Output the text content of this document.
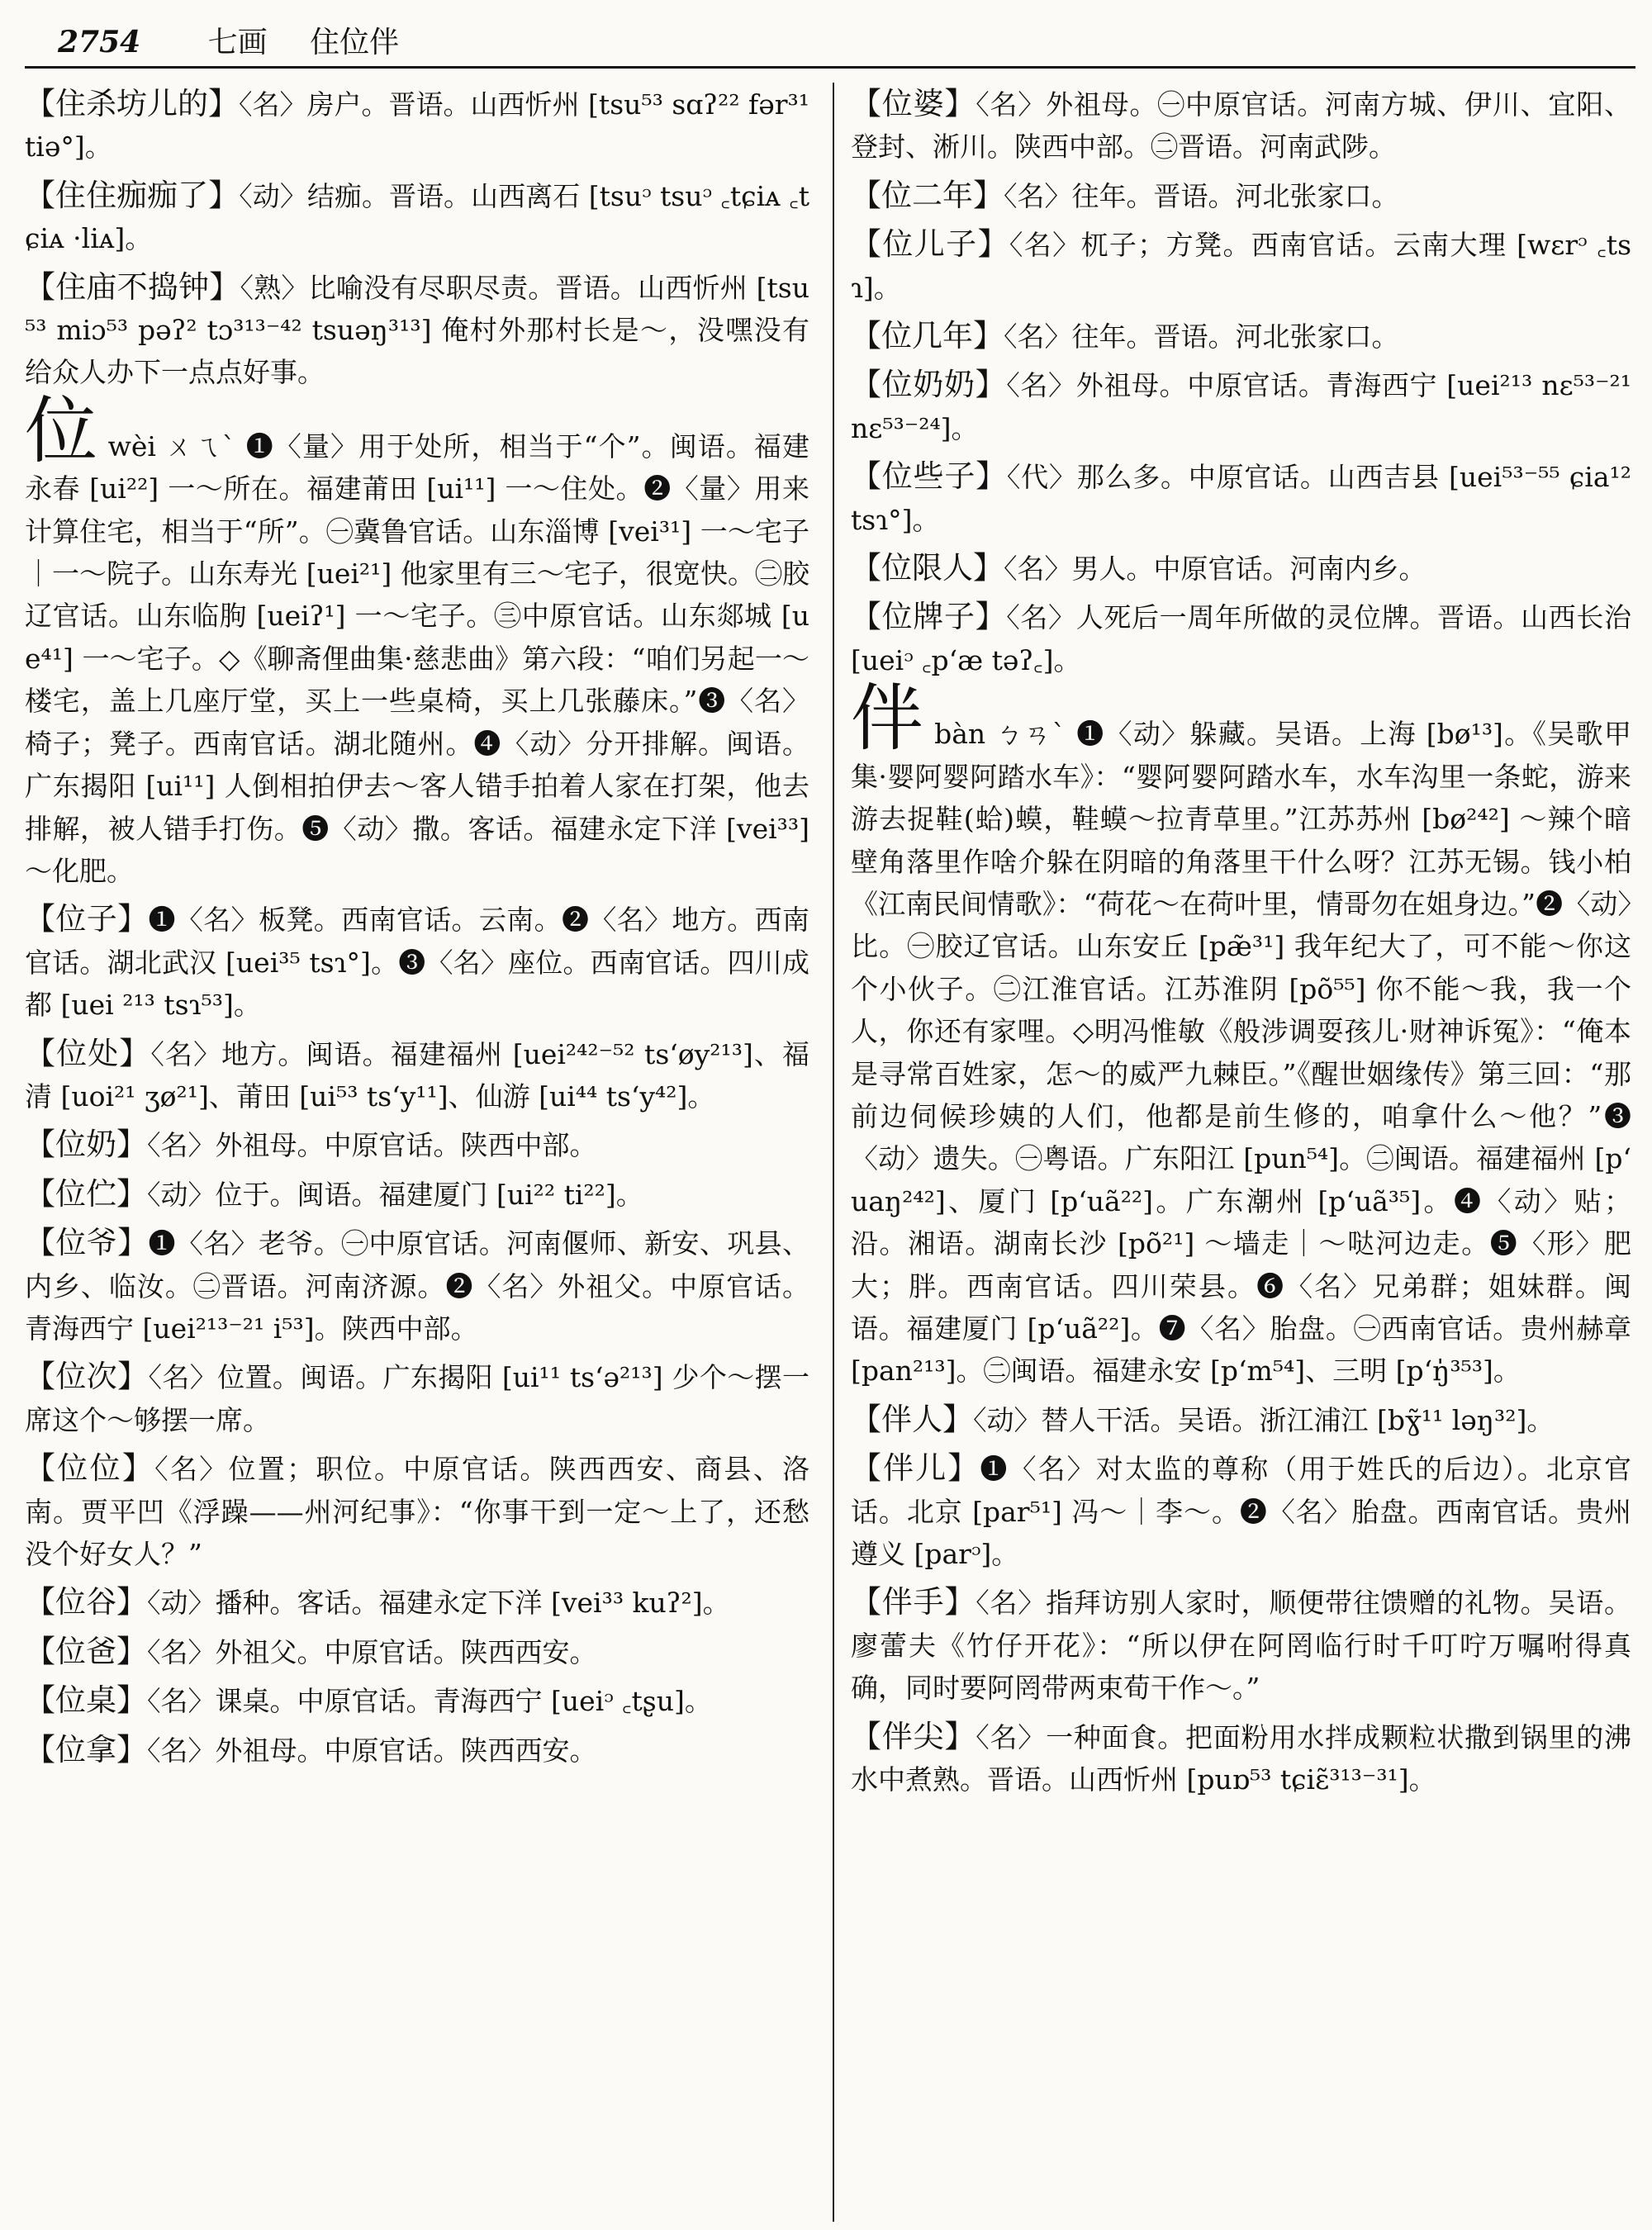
2754 七画 住位伴

【住杀坊儿的】〈名〉房户。晋语。山西忻州 [tsu⁵³ sɑʔ²² fər³¹ tiə°]。

【住住痂痂了】〈动〉结痂。晋语。山西离石 [tsuᵓ tsuᵓ ꜀tɕiᴀ ꜀tɕiᴀ ·liᴀ]。

【住庙不捣钟】〈熟〉比喻没有尽职尽责。晋语。山西忻州 [tsu⁵³ miɔ⁵³ pəʔ² tɔ³¹³⁻⁴² tsuəŋ³¹³] 俺村外那村长是～，没嘿没有给众人办下一点点好事。

位 wèi ㄨㄟˋ ❶〈量〉用于处所，相当于“个”。闽语。福建永春 [ui²²] 一～所在。福建莆田 [ui¹¹] 一～住处。❷〈量〉用来计算住宅，相当于“所”。㊀冀鲁官话。山东淄博 [vei³¹] 一～宅子｜一～院子。山东寿光 [uei²¹] 他家里有三～宅子，很宽快。㊁胶辽官话。山东临朐 [ueiʔ¹] 一～宅子。㊂中原官话。山东郯城 [ue⁴¹] 一～宅子。◇《聊斋俚曲集·慈悲曲》第六段：“咱们另起一～楼宅，盖上几座厅堂，买上一些桌椅，买上几张藤床。”❸〈名〉椅子；凳子。西南官话。湖北随州。❹〈动〉分开排解。闽语。广东揭阳 [ui¹¹] 人倒相拍伊去～客人错手拍着人家在打架，他去排解，被人错手打伤。❺〈动〉撒。客话。福建永定下洋 [vei³³] ～化肥。

【位子】❶〈名〉板凳。西南官话。云南。❷〈名〉地方。西南官话。湖北武汉 [uei³⁵ tsɿ°]。❸〈名〉座位。西南官话。四川成都 [uei ²¹³ tsɿ⁵³]。

【位处】〈名〉地方。闽语。福建福州 [uei²⁴²⁻⁵² tsʻøy²¹³]、福清 [uoi²¹ ʒø²¹]、莆田 [ui⁵³ tsʻy¹¹]、仙游 [ui⁴⁴ tsʻy⁴²]。

【位奶】〈名〉外祖母。中原官话。陕西中部。

【位伫】〈动〉位于。闽语。福建厦门 [ui²² ti²²]。

【位爷】❶〈名〉老爷。㊀中原官话。河南偃师、新安、巩县、内乡、临汝。㊁晋语。河南济源。❷〈名〉外祖父。中原官话。青海西宁 [uei²¹³⁻²¹ i⁵³]。陕西中部。

【位次】〈名〉位置。闽语。广东揭阳 [ui¹¹ tsʻə²¹³] 少个～摆一席这个～够摆一席。

【位位】〈名〉位置；职位。中原官话。陕西西安、商县、洛南。贾平凹《浮躁——州河纪事》：“你事干到一定～上了，还愁没个好女人？”

【位谷】〈动〉播种。客话。福建永定下洋 [vei³³ kuʔ²]。

【位爸】〈名〉外祖父。中原官话。陕西西安。

【位桌】〈名〉课桌。中原官话。青海西宁 [ueiᵓ ꜀tʂu]。

【位拿】〈名〉外祖母。中原官话。陕西西安。

【位婆】〈名〉外祖母。㊀中原官话。河南方城、伊川、宜阳、登封、淅川。陕西中部。㊁晋语。河南武陟。

【位二年】〈名〉往年。晋语。河北张家口。

【位儿子】〈名〉杌子；方凳。西南官话。云南大理 [wɛrᵓ ꜀tsɿ]。

【位几年】〈名〉往年。晋语。河北张家口。

【位奶奶】〈名〉外祖母。中原官话。青海西宁 [uei²¹³ nɛ⁵³⁻²¹ nɛ⁵³⁻²⁴]。

【位些子】〈代〉那么多。中原官话。山西吉县 [uei⁵³⁻⁵⁵ ɕia¹² tsɿ°]。

【位限人】〈名〉男人。中原官话。河南内乡。

【位牌子】〈名〉人死后一周年所做的灵位牌。晋语。山西长治 [ueiᵓ ꜀pʻæ təʔ꜀]。

伴 bàn ㄅㄢˋ ❶〈动〉躲藏。吴语。上海 [bø¹³]。《吴歌甲集·婴阿婴阿踏水车》：“婴阿婴阿踏水车，水车沟里一条蛇，游来游去捉鞋(蛤)蟆，鞋蟆～拉青草里。”江苏苏州 [bø²⁴²] ～辣个暗壁角落里作啥介躲在阴暗的角落里干什么呀？江苏无锡。钱小柏《江南民间情歌》：“荷花～在荷叶里，情哥勿在姐身边。”❷〈动〉比。㊀胶辽官话。山东安丘 [pæ̃³¹] 我年纪大了，可不能～你这个小伙子。㊁江淮官话。江苏淮阴 [põ⁵⁵] 你不能～我，我一个人，你还有家哩。◇明冯惟敏《般涉调耍孩儿·财神诉冤》：“俺本是寻常百姓家，怎～的威严九棘臣。”《醒世姻缘传》第三回：“那前边伺候珍姨的人们，他都是前生修的，咱拿什么～他？”❸〈动〉遗失。㊀粤语。广东阳江 [pun⁵⁴]。㊁闽语。福建福州 [pʻuaŋ²⁴²]、厦门 [pʻuã²²]。广东潮州 [pʻuã³⁵]。❹〈动〉贴；沿。湘语。湖南长沙 [põ²¹] ～墙走｜～哒河边走。❺〈形〉肥大；胖。西南官话。四川荣县。❻〈名〉兄弟群；姐妹群。闽语。福建厦门 [pʻuã²²]。❼〈名〉胎盘。㊀西南官话。贵州赫章 [pan²¹³]。㊁闽语。福建永安 [pʻm⁵⁴]、三明 [pʻŋ̍³⁵³]。

【伴人】〈动〉替人干活。吴语。浙江浦江 [bɣ̃¹¹ ləŋ³²]。

【伴儿】❶〈名〉对太监的尊称（用于姓氏的后边）。北京官话。北京 [par⁵¹] 冯～｜李～。❷〈名〉胎盘。西南官话。贵州遵义 [parᵓ]。

【伴手】〈名〉指拜访别人家时，顺便带往馈赠的礼物。吴语。廖蕾夫《竹仔开花》：“所以伊在阿罔临行时千叮咛万嘱咐得真确，同时要阿罔带两束荀干作～。”

【伴尖】〈名〉一种面食。把面粉用水拌成颗粒状撒到锅里的沸水中煮熟。晋语。山西忻州 [puɒ⁵³ tɕiɛ̃³¹³⁻³¹]。
